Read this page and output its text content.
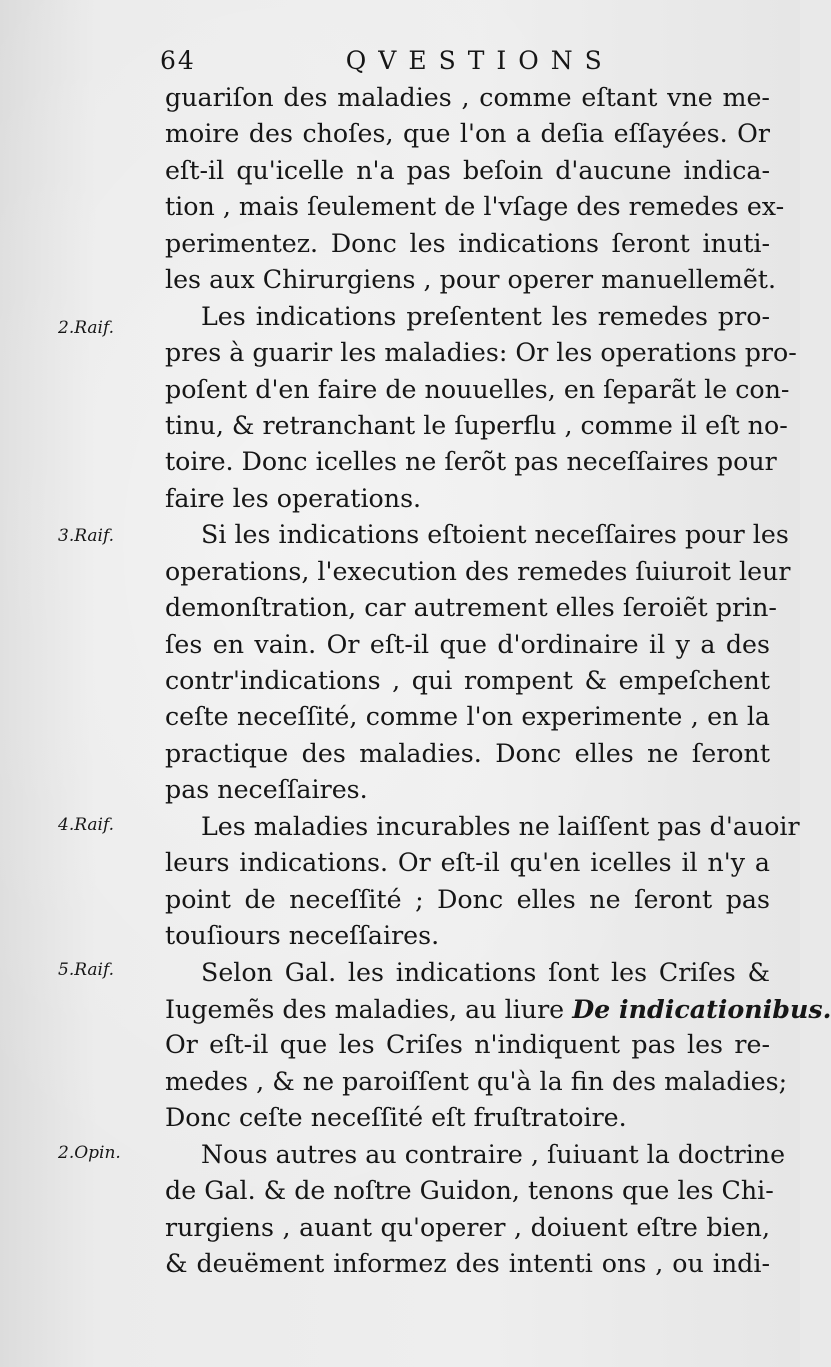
64	QVESTIONS
2.Raif.
3.Raif.
4.Raif.
5.Raif.
2.Opin.
guariſon des maladies , comme eſtant vne me-
moire des choſes, que l'on a deſia eſſayées. Or
eſt-il qu'icelle n'a pas beſoin d'aucune indica-
tion , mais ſeulement de l'vſage des remedes ex-
perimentez. Donc les indications ſeront inuti-
les aux Chirurgiens , pour operer manuellemẽt.
Les indications preſentent les remedes pro-
pres à guarir les maladies: Or les operations pro-
poſent d'en faire de nouuelles, en ſeparãt le con-
tinu, & retranchant le ſuperflu , comme il eſt no-
toire. Donc icelles ne ſerõt pas neceſſaires pour
faire les operations.
Si les indications eſtoient neceſſaires pour les
operations, l'execution des remedes ſuiuroit leur
demonſtration, car autrement elles ſeroiẽt prin-
ſes en vain. Or eſt-il que d'ordinaire il y a des
contr'indications , qui rompent & empeſchent
ceſte neceſſité, comme l'on experimente , en la
practique des maladies. Donc elles ne ſeront
pas neceſſaires.
Les maladies incurables ne laiſſent pas d'auoir
leurs indications. Or eſt-il qu'en icelles il n'y a
point de neceſſité ; Donc elles ne ſeront pas
touſiours neceſſaires.
Selon Gal. les indications ſont les Criſes &
Iugemẽs des maladies, au liure De indicationibus.
Or eſt-il que les Criſes n'indiquent pas les re-
medes , & ne paroiſſent qu'à la fin des maladies;
Donc ceſte neceſſité eſt fruſtratoire.
Nous autres au contraire , ſuiuant la doctrine
de Gal. & de noſtre Guidon, tenons que les Chi-
rurgiens , auant qu'operer , doiuent eſtre bien,
& deuëment informez des intenti ons , ou indi-
